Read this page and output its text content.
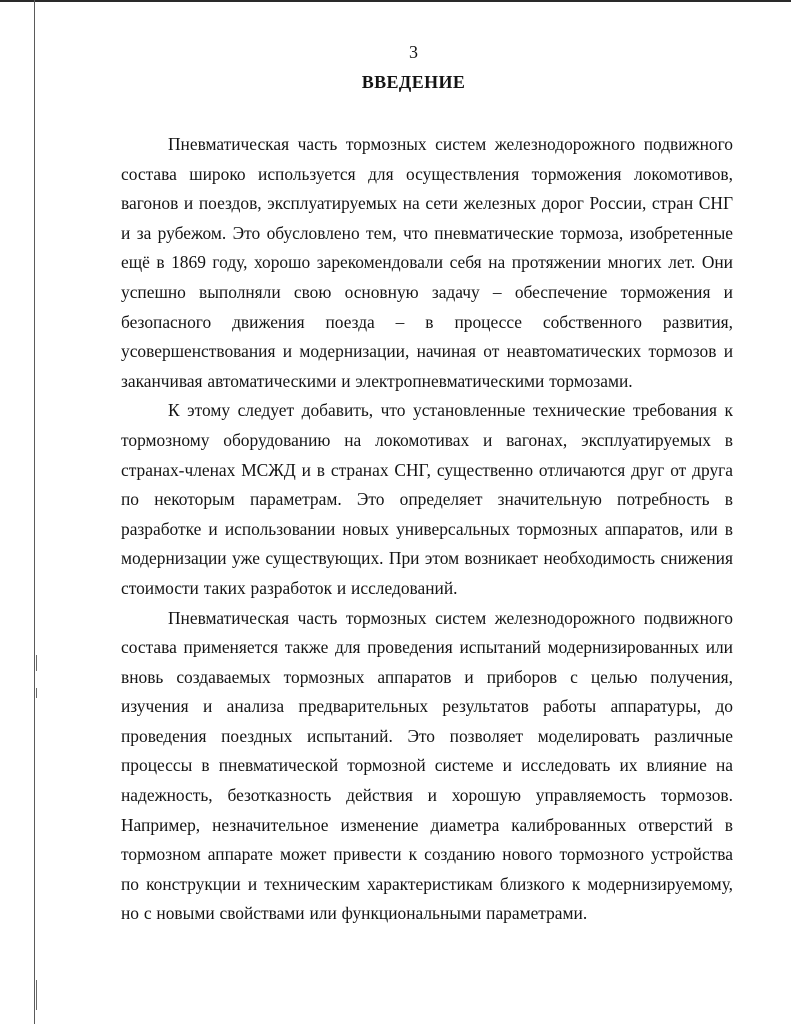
3
ВВЕДЕНИЕ

Пневматическая часть тормозных систем железнодорожного подвижного состава широко используется для осуществления торможения локомотивов, вагонов и поездов, эксплуатируемых на сети железных дорог России, стран СНГ и за рубежом. Это обусловлено тем, что пневматические тормоза, изобретенные ещё в 1869 году, хорошо зарекомендовали себя на протяжении многих лет. Они успешно выполняли свою основную задачу – обеспечение торможения и безопасного движения поезда – в процессе собственного развития, усовершенствования и модернизации, начиная от неавтоматических тормозов и заканчивая автоматическими и электропневматическими тормозами.

К этому следует добавить, что установленные технические требования к тормозному оборудованию на локомотивах и вагонах, эксплуатируемых в странах-членах МСЖД и в странах СНГ, существенно отличаются друг от друга по некоторым параметрам. Это определяет значительную потребность в разработке и использовании новых универсальных тормозных аппаратов, или в модернизации уже существующих. При этом возникает необходимость снижения стоимости таких разработок и исследований.

Пневматическая часть тормозных систем железнодорожного подвижного состава применяется также для проведения испытаний модернизированных или вновь создаваемых тормозных аппаратов и приборов с целью получения, изучения и анализа предварительных результатов работы аппаратуры, до проведения поездных испытаний. Это позволяет моделировать различные процессы в пневматической тормозной системе и исследовать их влияние на надежность, безотказность действия и хорошую управляемость тормозов. Например, незначительное изменение диаметра калиброванных отверстий в тормозном аппарате может привести к созданию нового тормозного устройства по конструкции и техническим характеристикам близкого к модернизируемому, но с новыми свойствами или функциональными параметрами.
